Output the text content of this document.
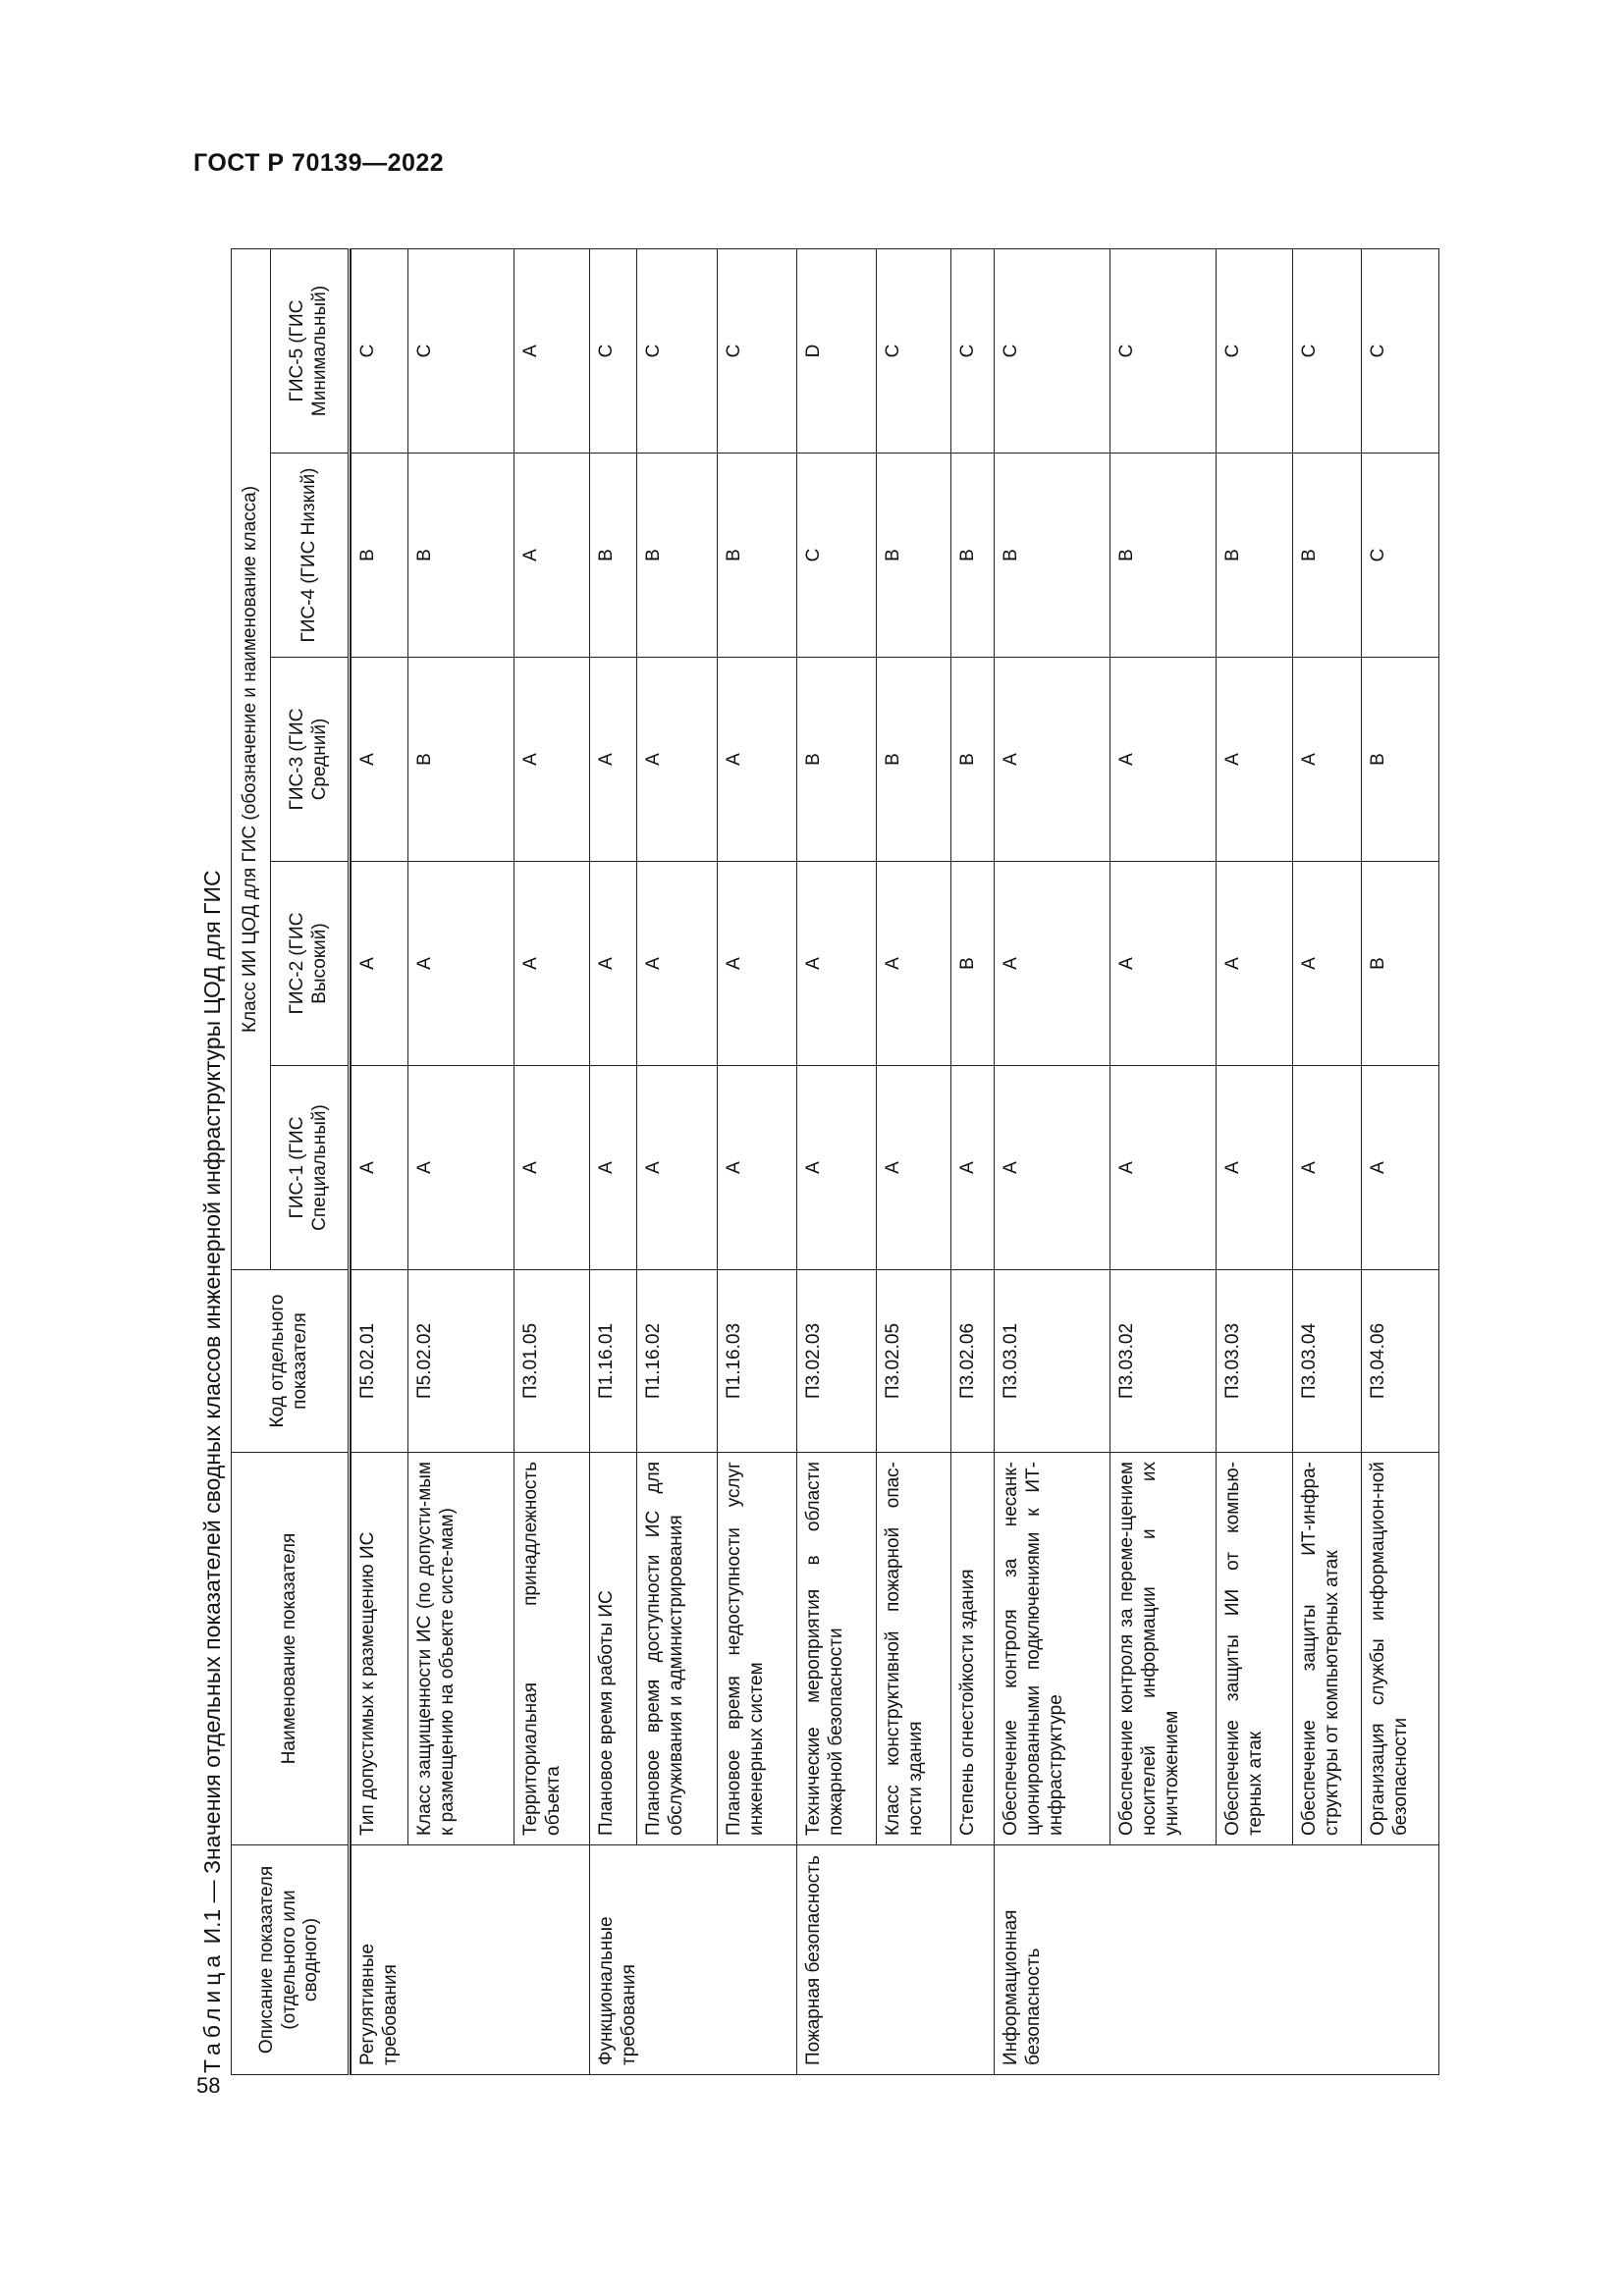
ГОСТ Р 70139—2022
Таблица И.1 — Значения отдельных показателей сводных классов инженерной инфраструктуры ЦОД для ГИС
Описание показателя (отдельного или сводного)	Наименование показателя	Код отдельного показателя	Класс ИИ ЦОД для ГИС (обозначение и наименование класса)				
			ГИС-1 (ГИС Специальный)	ГИС-2 (ГИС Высокий)	ГИС-3 (ГИС Средний)	ГИС-4 (ГИС Низкий)	ГИС-5 (ГИС Минимальный)

Регулятивные требования	Тип допустимых к размещению ИС	П5.02.01	А	А	А	В	С
	Класс защищенности ИС (по допусти-мым к размещению на объекте систе-мам)	П5.02.02	А	А	В	В	С
	Территориальная принадлежность объекта	П3.01.05	А	А	А	А	А
Функциональные требования	Плановое время работы ИС	П1.16.01	А	А	А	В	С
	Плановое время доступности ИС для обслуживания и администрирования	П1.16.02	А	А	А	В	С
	Плановое время недоступности услуг инженерных систем	П1.16.03	А	А	А	В	С
Пожарная безопасность	Технические мероприятия в области пожарной безопасности	П3.02.03	А	А	В	С	D
	Класс конструктивной пожарной опас-ности здания	П3.02.05	А	А	В	В	С
	Степень огнестойкости здания	П3.02.06	А	В	В	В	С
Информационная безопасность	Обеспечение контроля за несанк-ционированными подключениями к ИТ-инфраструктуре	П3.03.01	А	А	А	В	С
	Обеспечение контроля за переме-щением носителей информации и их уничтожением	П3.03.02	А	А	А	В	С
	Обеспечение защиты ИИ от компью-терных атак	П3.03.03	А	А	А	В	С
	Обеспечение защиты ИТ-инфра-структуры от компьютерных атак	П3.03.04	А	А	А	В	С
	Организация службы информацион-ной безопасности	П3.04.06	А	В	В	С	С
58
